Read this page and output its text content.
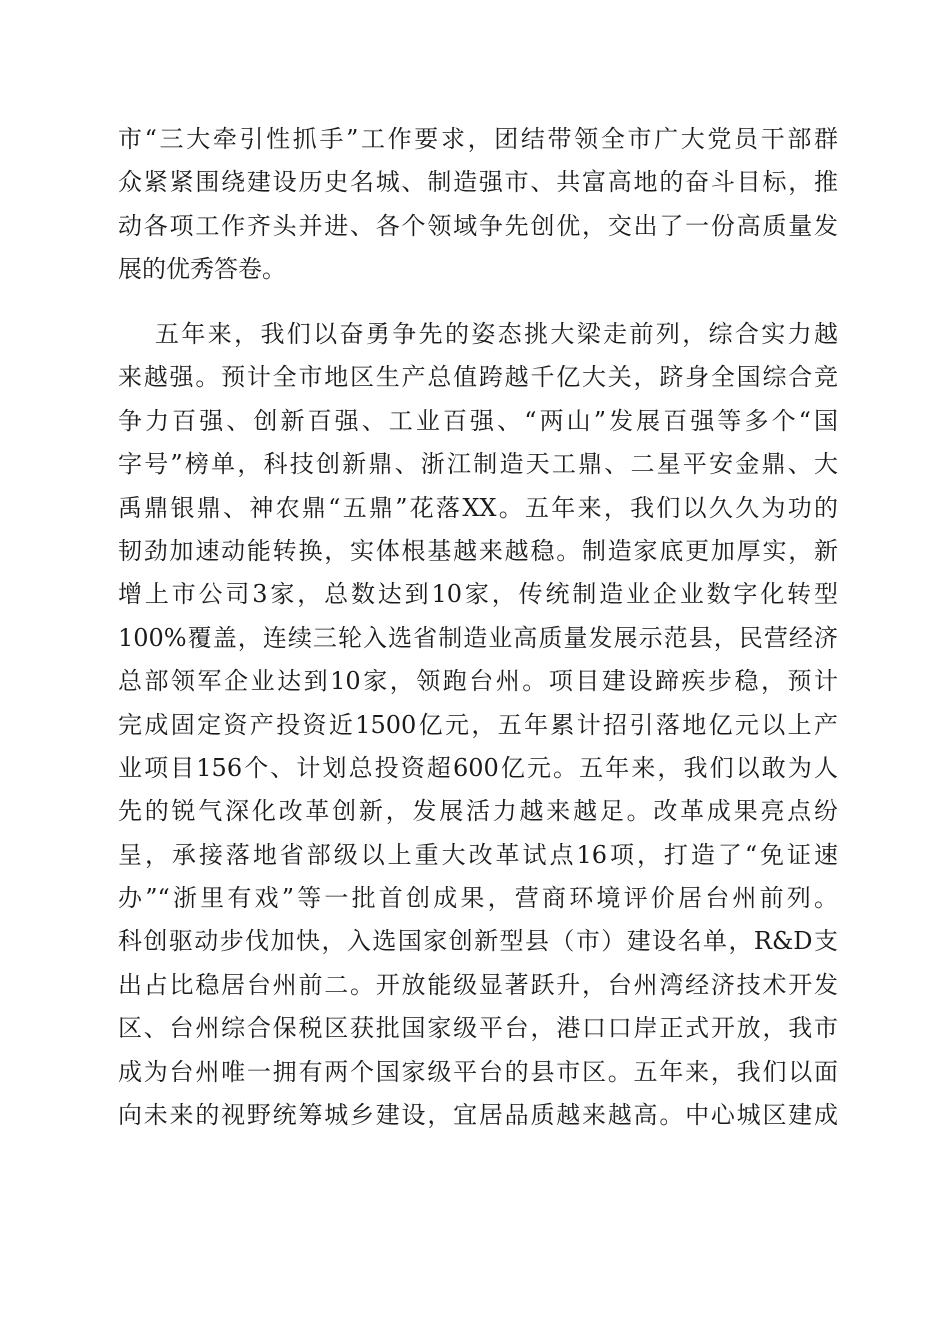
市“三大牵引性抓手”工作要求，团结带领全市广大党员干部群
众紧紧围绕建设历史名城、制造强市、共富高地的奋斗目标，推
动各项工作齐头并进、各个领域争先创优，交出了一份高质量发
展的优秀答卷。
五年来，我们以奋勇争先的姿态挑大梁走前列，综合实力越
来越强。预计全市地区生产总值跨越千亿大关，跻身全国综合竞
争力百强、创新百强、工业百强、“两山”发展百强等多个“国
字号”榜单，科技创新鼎、浙江制造天工鼎、二星平安金鼎、大
禹鼎银鼎、神农鼎“五鼎”花落XX。五年来，我们以久久为功的
韧劲加速动能转换，实体根基越来越稳。制造家底更加厚实，新
增上市公司3家，总数达到10家，传统制造业企业数字化转型
100%覆盖，连续三轮入选省制造业高质量发展示范县，民营经济
总部领军企业达到10家，领跑台州。项目建设蹄疾步稳，预计
完成固定资产投资近1500亿元，五年累计招引落地亿元以上产
业项目156个、计划总投资超600亿元。五年来，我们以敢为人
先的锐气深化改革创新，发展活力越来越足。改革成果亮点纷
呈，承接落地省部级以上重大改革试点16项，打造了“免证速
办”“浙里有戏”等一批首创成果，营商环境评价居台州前列。
科创驱动步伐加快，入选国家创新型县（市）建设名单，R&D支
出占比稳居台州前二。开放能级显著跃升，台州湾经济技术开发
区、台州综合保税区获批国家级平台，港口口岸正式开放，我市
成为台州唯一拥有两个国家级平台的县市区。五年来，我们以面
向未来的视野统筹城乡建设，宜居品质越来越高。中心城区建成
